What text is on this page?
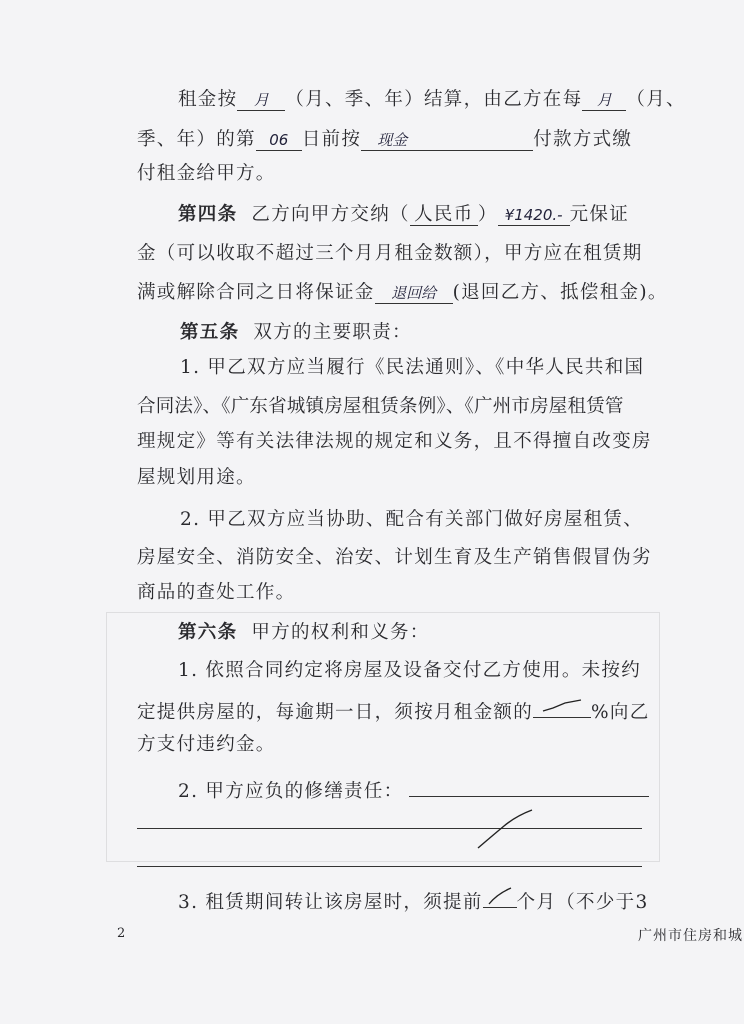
租金按 月 （月、季、年）结算，由乙方在每 月 （月、
季、年）的第 06 日前按 现金	付款方式缴
付租金给甲方。
第四条 乙方向甲方交纳（ 人民币 ） ¥1420.- 元保证
金（可以收取不超过三个月月租金数额），甲方应在租赁期
满或解除合同之日将保证金 退回给 (退回乙方、抵偿租金)。
第五条 双方的主要职责：
1. 甲乙双方应当履行《民法通则》、《中华人民共和国
合同法》、《广东省城镇房屋租赁条例》、《广州市房屋租赁管
理规定》等有关法律法规的规定和义务，且不得擅自改变房
屋规划用途。
2. 甲乙双方应当协助、配合有关部门做好房屋租赁、
房屋安全、消防安全、治安、计划生育及生产销售假冒伪劣
商品的查处工作。
第六条 甲方的权利和义务：
1. 依照合同约定将房屋及设备交付乙方使用。未按约
定提供房屋的，每逾期一日，须按月租金额的	%向乙
方支付违约金。
2. 甲方应负的修缮责任：
3. 租赁期间转让该房屋时，须提前 个月（不少于3
2	广州市住房和城
